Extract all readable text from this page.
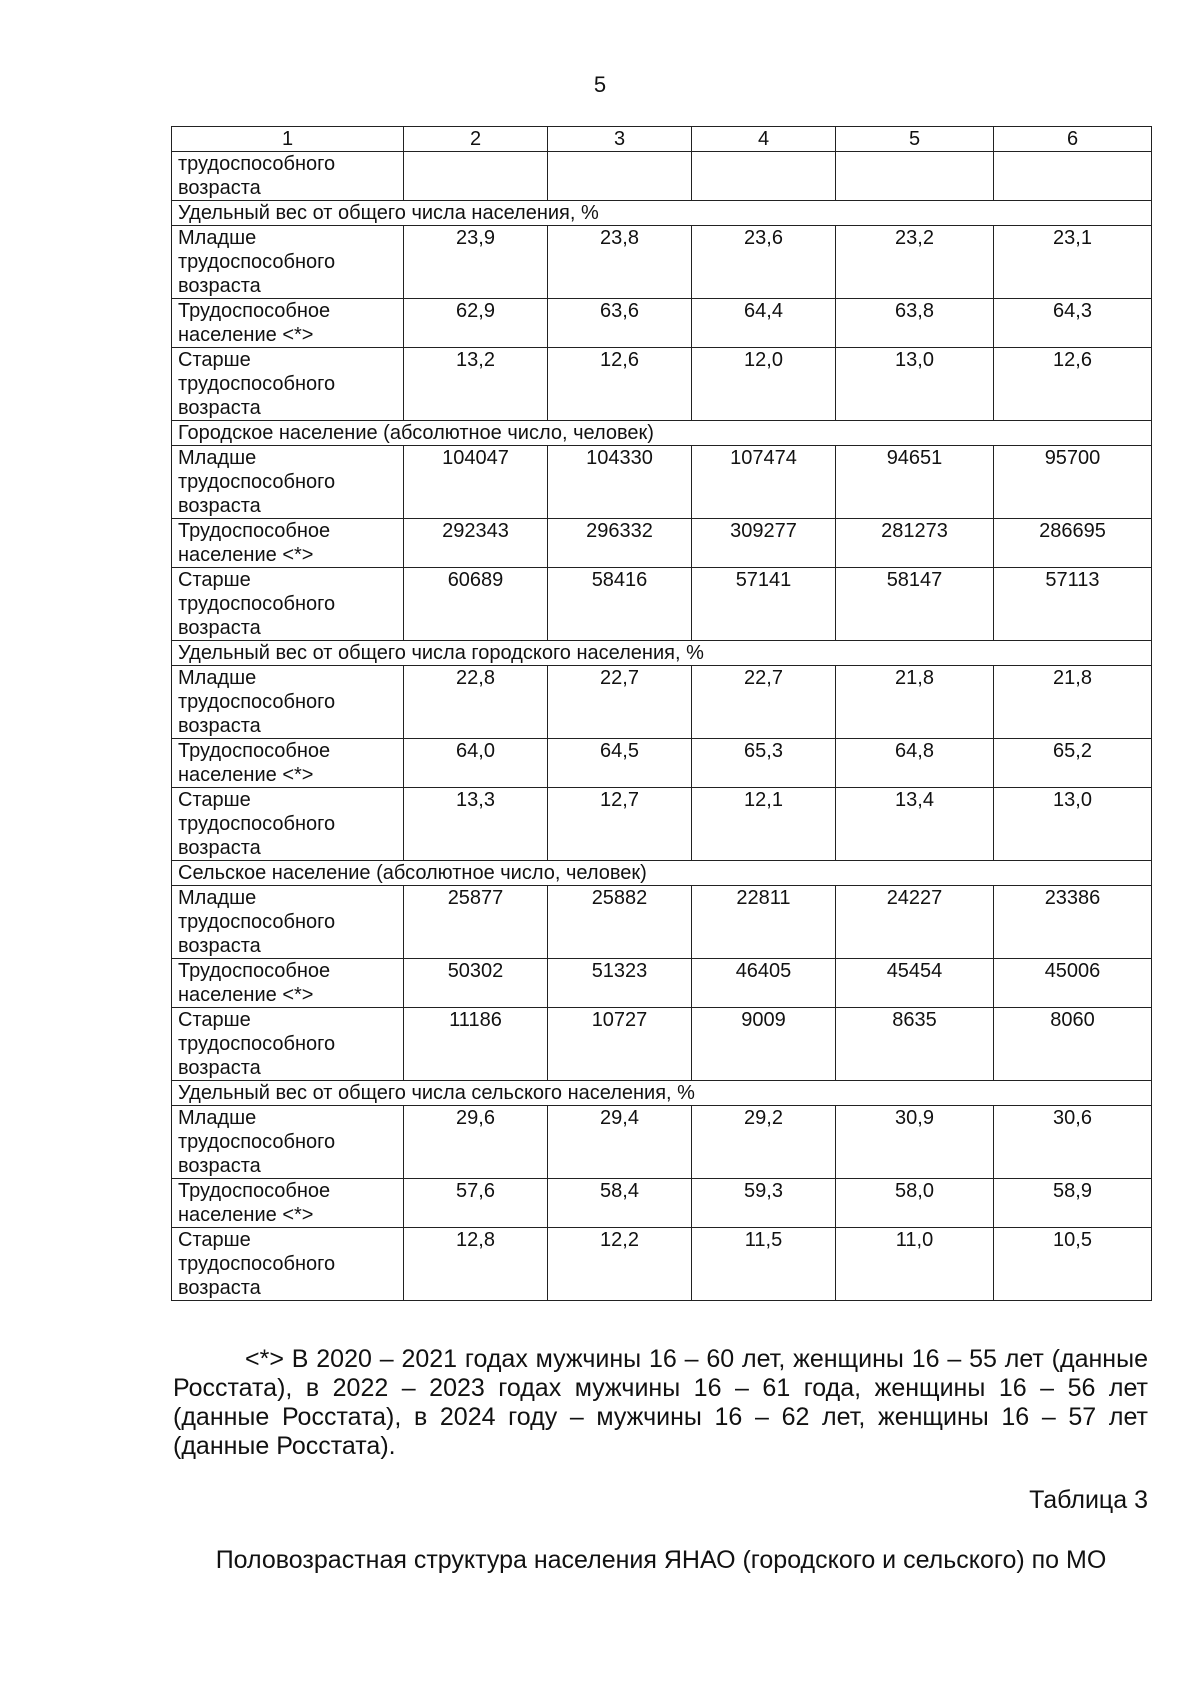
5
1	2	3	4	5	6
трудоспособного возраста					
Удельный вес от общего числа населения, %					
Младше трудоспособного возраста	23,9	23,8	23,6	23,2	23,1
Трудоспособное население <*>	62,9	63,6	64,4	63,8	64,3
Старше трудоспособного возраста	13,2	12,6	12,0	13,0	12,6
Городское население (абсолютное число, человек)					
Младше трудоспособного возраста	104047	104330	107474	94651	95700
Трудоспособное население <*>	292343	296332	309277	281273	286695
Старше трудоспособного возраста	60689	58416	57141	58147	57113
Удельный вес от общего числа городского населения, %					
Младше трудоспособного возраста	22,8	22,7	22,7	21,8	21,8
Трудоспособное население <*>	64,0	64,5	65,3	64,8	65,2
Старше трудоспособного возраста	13,3	12,7	12,1	13,4	13,0
Сельское население (абсолютное число, человек)					
Младше трудоспособного возраста	25877	25882	22811	24227	23386
Трудоспособное население <*>	50302	51323	46405	45454	45006
Старше трудоспособного возраста	11186	10727	9009	8635	8060
Удельный вес от общего числа сельского населения, %					
Младше трудоспособного возраста	29,6	29,4	29,2	30,9	30,6
Трудоспособное население <*>	57,6	58,4	59,3	58,0	58,9
Старше трудоспособного возраста	12,8	12,2	11,5	11,0	10,5
<*> В 2020 – 2021 годах мужчины 16 – 60 лет, женщины 16 – 55 лет (данные Росстата), в 2022 – 2023 годах мужчины 16 – 61 года, женщины 16 – 56 лет (данные Росстата), в 2024 году – мужчины 16 – 62 лет, женщины 16 – 57 лет (данные Росстата).
Таблица 3
Половозрастная структура населения ЯНАО (городского и сельского) по МО
